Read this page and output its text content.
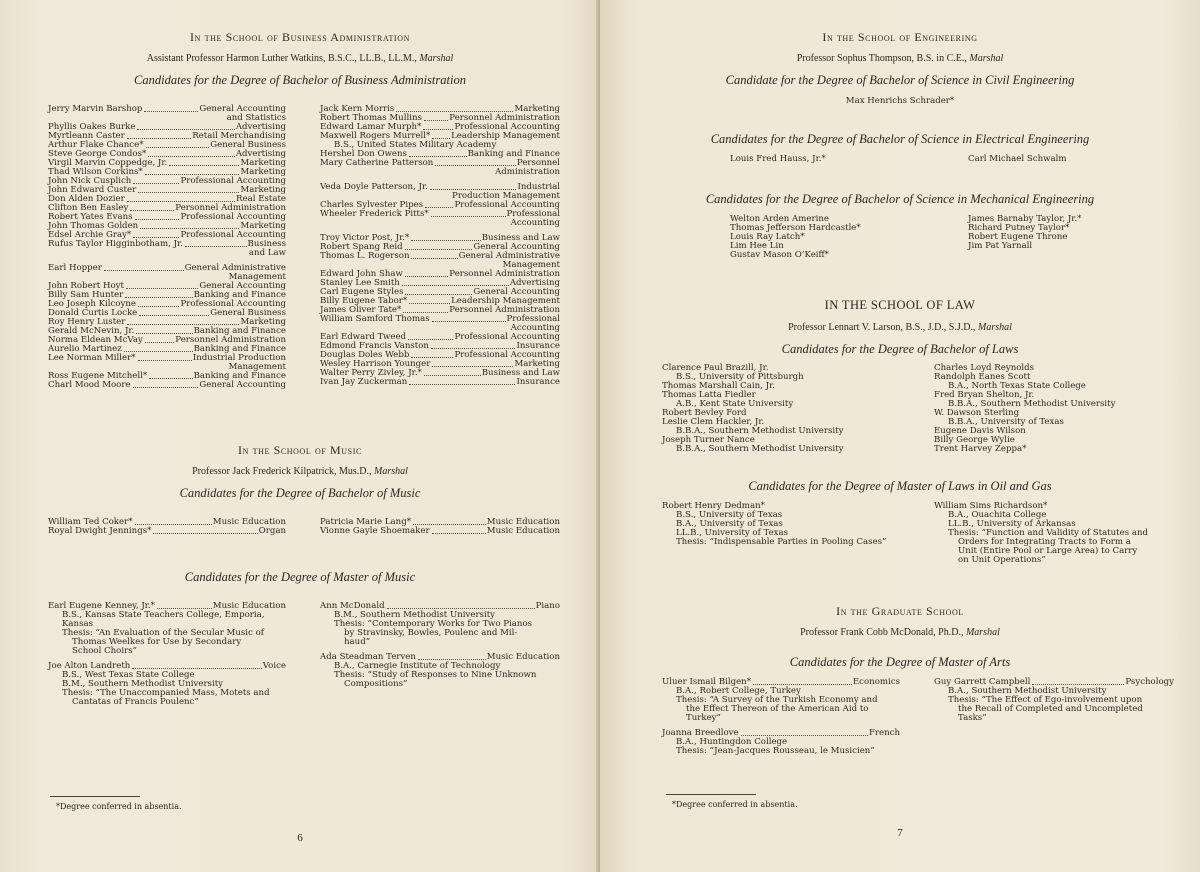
In the School of Business Administration
Assistant Professor Harmon Luther Watkins, B.S.C., LL.B., LL.M., Marshal
Candidates for the Degree of Bachelor of Business Administration
Jerry Marvin Barshop	General Accounting
and Statistics
Phyllis Oakes Burke	Advertising
Myrtleann Caster	Retail Merchandising
Arthur Flake Chance*	General Business
Steve George Condos*	Advertising
Virgil Marvin Coppedge, Jr.	Marketing
Thad Wilson Corkins*	Marketing
John Nick Cusplich	Professional Accounting
John Edward Custer	Marketing
Don Alden Dozier	Real Estate
Clifton Ben Easley	Personnel Administration
Robert Yates Evans	Professional Accounting
John Thomas Golden	Marketing
Edsel Archie Gray*	Professional Accounting
Rufus Taylor Higginbotham, Jr.	Business
and Law
Earl Hopper	General Administrative
Management
John Robert Hoyt	General Accounting
Billy Sam Hunter	Banking and Finance
Leo Joseph Kilcoyne	Professional Accounting
Donald Curtis Locke	General Business
Roy Henry Luster	Marketing
Gerald McNevin, Jr.	Banking and Finance
Norma Eldean McVay	Personnel Administration
Aurelio Martinez	Banking and Finance
Lee Norman Miller*	Industrial Production
Management
Ross Eugene Mitchell*	Banking and Finance
Charl Mood Moore	General Accounting
Jack Kern Morris	Marketing
Robert Thomas Mullins	Personnel Administration
Edward Lamar Murph*	Professional Accounting
Maxwell Rogers Murrell* Leadership Management
B.S., United States Military Academy
Hershel Don Owens	Banking and Finance
Mary Catherine Patterson	Personnel
Administration
Veda Doyle Patterson, Jr.	Industrial
Production Management
Charles Sylvester Pipes	Professional Accounting
Wheeler Frederick Pitts*	Professional
Accounting
Troy Victor Post, Jr.*	Business and Law
Robert Spang Reid	General Accounting
Thomas L. Rogerson	General Administrative
Management
Edward John Shaw	Personnel Administration
Stanley Lee Smith	Advertising
Carl Eugene Styles	General Accounting
Billy Eugene Tabor*	Leadership Management
James Oliver Tate*	Personnel Administration
William Samford Thomas	Professional
Accounting
Earl Edward Tweed	Professional Accounting
Edmond Francis Vanston	Insurance
Douglas Doles Webb	Professional Accounting
Wesley Harrison Younger	Marketing
Walter Perry Zivley, Jr.*	Business and Law
Ivan Jay Zuckerman	Insurance
In the School of Music
Professor Jack Frederick Kilpatrick, Mus.D., Marshal
Candidates for the Degree of Bachelor of Music
William Ted Coker*	Music Education
Royal Dwight Jennings*	Organ
Patricia Marie Lang*	Music Education
Vionne Gayle Shoemaker	Music Education
Candidates for the Degree of Master of Music
Earl Eugene Kenney, Jr.*	Music Education
B.S., Kansas State Teachers College, Emporia,
Kansas
Thesis: “An Evaluation of the Secular Music of
Thomas Weelkes for Use by Secondary
School Choirs”
Joe Alton Landreth	Voice
B.S., West Texas State College
B.M., Southern Methodist University
Thesis: “The Unaccompanied Mass, Motets and
Cantatas of Francis Poulenc”
Ann McDonald	Piano
B.M., Southern Methodist University
Thesis: “Contemporary Works for Two Pianos
by Stravinsky, Bowles, Poulenc and Mil-
haud”
Ada Steadman Terven	Music Education
B.A., Carnegie Institute of Technology
Thesis: “Study of Responses to Nine Unknown
Compositions”
*Degree conferred in absentia.
6
In the School of Engineering
Professor Sophus Thompson, B.S. in C.E., Marshal
Candidate for the Degree of Bachelor of Science in Civil Engineering
Max Henrichs Schrader*
Candidates for the Degree of Bachelor of Science in Electrical Engineering
Louis Fred Hauss, Jr.*	Carl Michael Schwalm
Candidates for the Degree of Bachelor of Science in Mechanical Engineering
Welton Arden Amerine
Thomas Jefferson Hardcastle*
Louis Ray Latch*
Lim Hee Lin
Gustav Mason O’Keiff*
James Barnaby Taylor, Jr.*
Richard Putney Taylor*
Robert Eugene Throne
Jim Pat Yarnall
IN THE SCHOOL OF LAW
Professor Lennart V. Larson, B.S., J.D., S.J.D., Marshal
Candidates for the Degree of Bachelor of Laws
Clarence Paul Brazill, Jr.
B.S., University of Pittsburgh
Thomas Marshall Cain, Jr.
Thomas Latta Fiedler
A.B., Kent State University
Robert Bevley Ford
Leslie Clem Hackler, Jr.
B.B.A., Southern Methodist University
Joseph Turner Nance
B.B.A., Southern Methodist University
Charles Loyd Reynolds
Randolph Eanes Scott
B.A., North Texas State College
Fred Bryan Shelton, Jr.
B.B.A., Southern Methodist University
W. Dawson Sterling
B.B.A., University of Texas
Eugene Davis Wilson
Billy George Wylie
Trent Harvey Zeppa*
Candidates for the Degree of Master of Laws in Oil and Gas
Robert Henry Dedman*
B.S., University of Texas
B.A., University of Texas
LL.B., University of Texas
Thesis: “Indispensable Parties in Pooling Cases”
William Sims Richardson*
B.A., Ouachita College
LL.B., University of Arkansas
Thesis: “Function and Validity of Statutes and
Orders for Integrating Tracts to Form a
Unit (Entire Pool or Large Area) to Carry
on Unit Operations”
In the Graduate School
Professor Frank Cobb McDonald, Ph.D., Marshal
Candidates for the Degree of Master of Arts
Uluer Ismail Bilgen*	Economics
B.A., Robert College, Turkey
Thesis: “A Survey of the Turkish Economy and
the Effect Thereon of the American Aid to
Turkey”
Joanna Breedlove	French
B.A., Huntingdon College
Thesis: “Jean-Jacques Rousseau, le Musicien”
Guy Garrett Campbell	Psychology
B.A., Southern Methodist University
Thesis: “The Effect of Ego-involvement upon
the Recall of Completed and Uncompleted
Tasks”
*Degree conferred in absentia.
7
